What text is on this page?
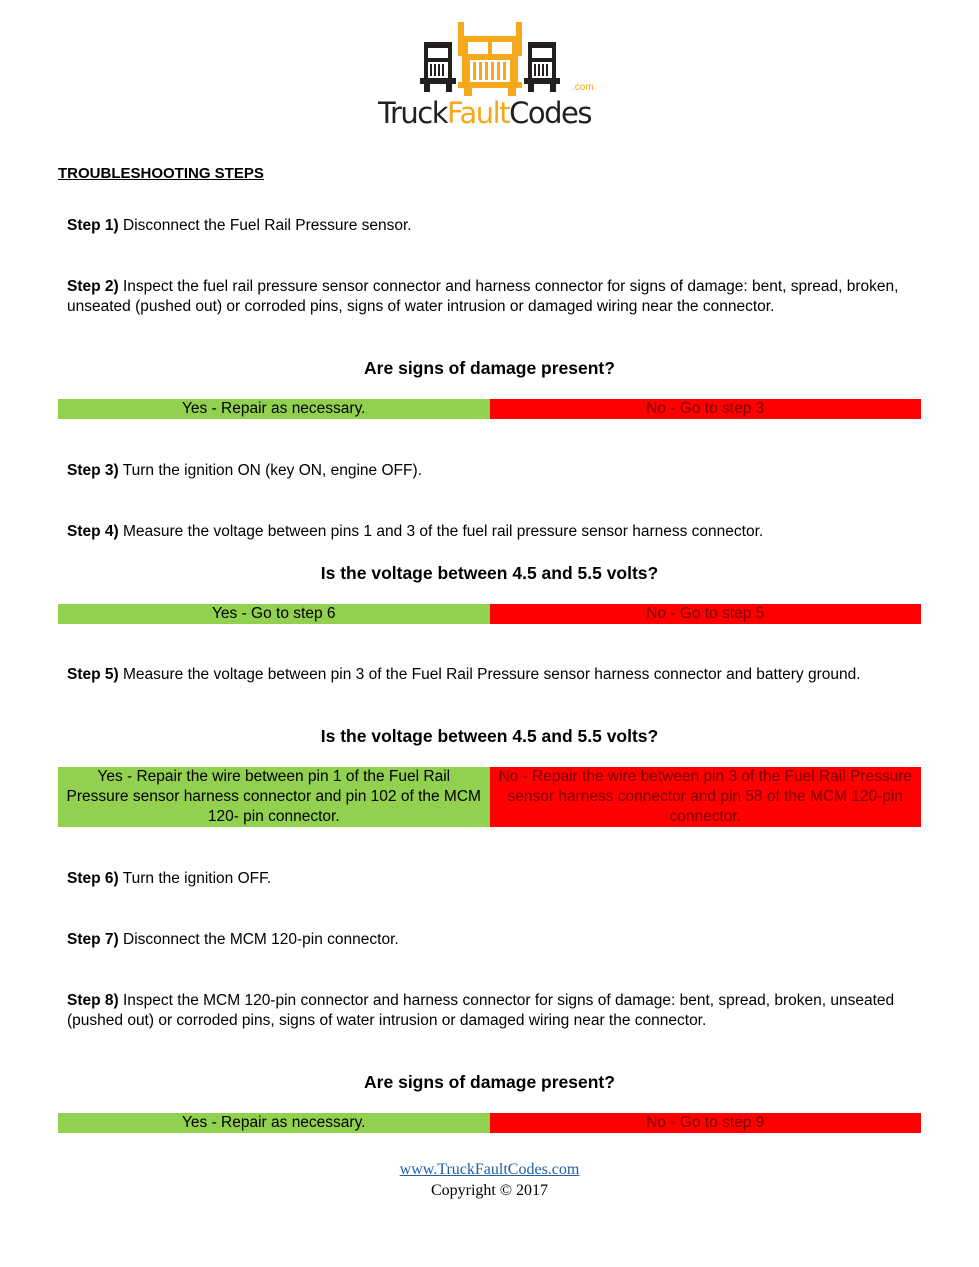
TruckFaultCodes
.com
TROUBLESHOOTING STEPS
Step 1) Disconnect the Fuel Rail Pressure sensor.
Step 2) Inspect the fuel rail pressure sensor connector and harness connector for signs of damage: bent, spread, broken, unseated (pushed out) or corroded pins, signs of water intrusion or damaged wiring near the connector.
Are signs of damage present?
Yes - Repair as necessary.	No - Go to step 3
Step 3) Turn the ignition ON (key ON, engine OFF).
Step 4) Measure the voltage between pins 1 and 3 of the fuel rail pressure sensor harness connector.
Is the voltage between 4.5 and 5.5 volts?
Yes - Go to step 6	No - Go to step 5
Step 5) Measure the voltage between pin 3 of the Fuel Rail Pressure sensor harness connector and battery ground.
Is the voltage between 4.5 and 5.5 volts?
Yes - Repair the wire between pin 1 of the Fuel Rail Pressure sensor harness connector and pin 102 of the MCM 120- pin connector.
No - Repair the wire between pin 3 of the Fuel Rail Pressure sensor harness connector and pin 58 of the MCM 120-pin connector.
Step 6) Turn the ignition OFF.
Step 7) Disconnect the MCM 120-pin connector.
Step 8) Inspect the MCM 120-pin connector and harness connector for signs of damage: bent, spread, broken, unseated (pushed out) or corroded pins, signs of water intrusion or damaged wiring near the connector.
Are signs of damage present?
Yes - Repair as necessary.	No - Go to step 9
www.TruckFaultCodes.com
Copyright © 2017
